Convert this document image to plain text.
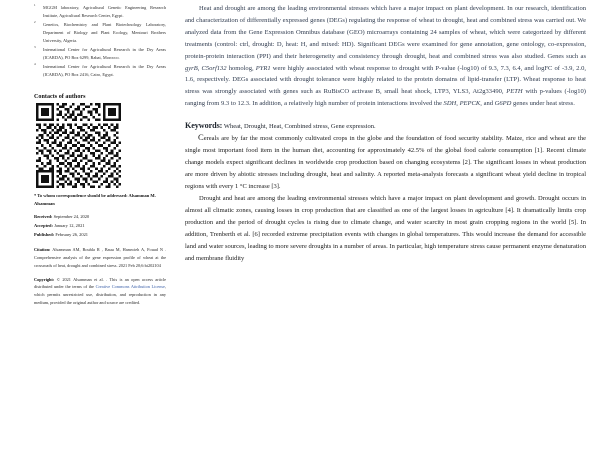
1
MGGM laboratory, Agricultural Genetic Engineering Research Institute, Agricultural Research Center, Egypt.
2
Genetics, Biochemistry and Plant Biotechnology Laboratory, Department of Biology and Plant Ecology, Mentouri Brothers University, Algeria.
3
International Center for Agricultural Research in the Dry Areas (ICARDA), PO Box 6299, Rabat, Morocco.
4
International Center for Agricultural Research in the Dry Areas (ICARDA), PO Box 2416, Cairo, Egypt.
Contacts of authors
* To whom correspondence should be addressed: Alsamman M. Alsamman
Received: September 24, 2020
Accepted: January 12, 2021
Published: February 26, 2021
Citation: Alsamman AM, Bouhla R , Bauu M, Hamwieh A, Fouad N . Comprehensive analysis of the gene expression profile of wheat at the crossroads of heat, drought and combined stress. 2021 Feb 20;6:bi202104
Copyright: © 2021 Alsamman et al. . This is an open access article distributed under the terms of the Creative Commons Attribution License, which permits unrestricted use, distribution, and reproduction in any medium, provided the original author and source are credited.

Heat and drought are among the leading environmental stresses which have a major impact on plant development. In our research, identification and characterization of differentially expressed genes (DEGs) regulating the response of wheat to drought, heat and combined stress was carried out. We analyzed data from the Gene Expression Omnibus database (GEO) microarrays containing 24 samples of wheat, which were categorized by different treatments (control: ctrl, drought: D, heat: H, and mixed: HD). Significant DEGs were examined for gene annotation, gene ontology, co-expression, protein-protein interaction (PPI) and their heterogeneity and consistency through drought, heat and combined stress was also studied. Genes such as gyrB, C5orf132 homolog, PYR1 were highly associated with wheat response to drought with P-value (-log10) of 9.3, 7.3, 6.4, and logFC of -3.9, 2.0, 1.6, respectively. DEGs associated with drought tolerance were highly related to the protein domains of lipid-transfer (LTP). Wheat response to heat stress was strongly associated with genes such as RuBisCO activase B, small heat shock, LTP3, YLS3, At2g33490, PETH with p-values (-log10) ranging from 9.3 to 12.3. In addition, a relatively high number of protein interactions involved the SDH, PEPCK, and G6PD genes under heat stress.

Keywords: Wheat, Drought, Heat, Combined stress, Gene expression.

Cereals are by far the most commonly cultivated crops in the globe and the foundation of food security stability. Maize, rice and wheat are the single most important food item in the human diet, accounting for approximately 42.5% of the global food calorie consumption [1]. Recent climate change models expect significant declines in worldwide crop production based on changing ecosystems [2]. The significant losses in wheat production are more driven by abiotic stresses including drought, heat and salinity. A reported meta-analysis forecasts a significant wheat yield decline in tropical regions with every 1 °C increase [3].

Drought and heat are among the leading environmental stresses which have a major impact on plant development and growth. Drought occurs in almost all climatic zones, causing losses in crop production that are classified as one of the largest losses in agriculture [4]. It dramatically limits crop production and the period of drought cycles is rising due to climate change, and water scarcity in most grain cropping regions in the world [5]. In addition, Trenberth et al. [6] recorded extreme precipitation events with changes in global temperatures. This would increase the demand for accessible land and water sources, leading to more severe droughts in a number of areas. In particular, high temperature stress cause permanent enzyme denaturation and membrane fluidity
